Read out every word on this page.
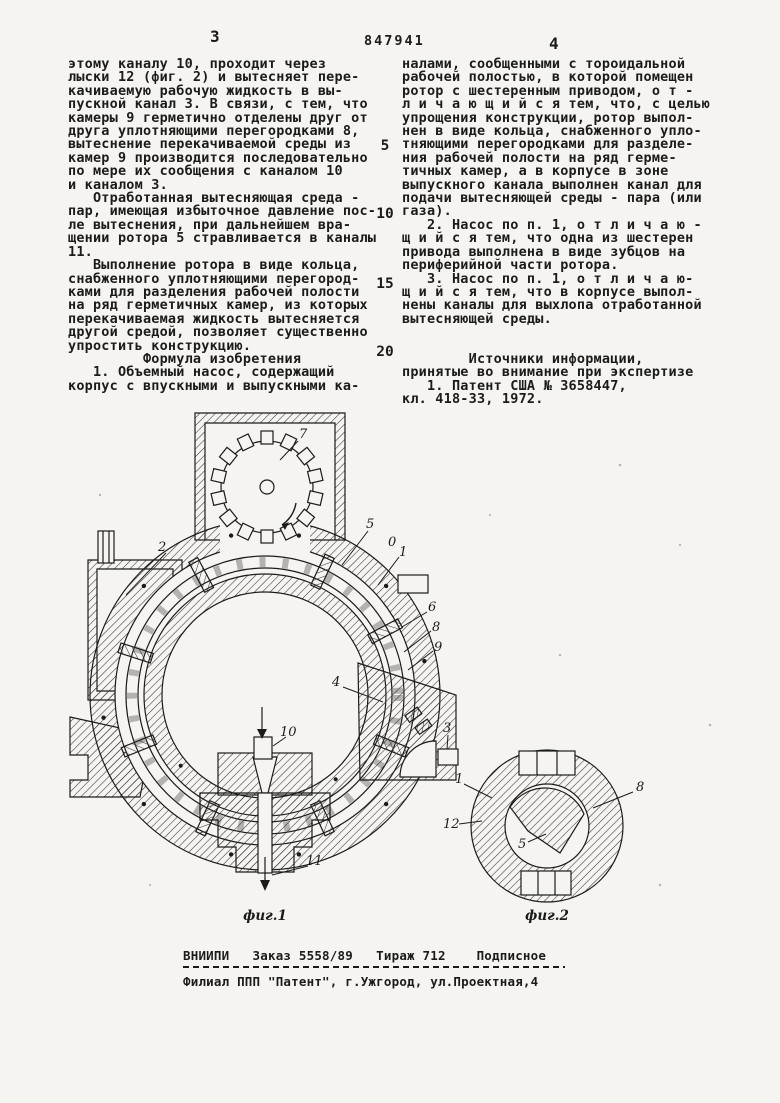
3	847941	4
5
10
15
20
этому каналу 10, проходит через
лыски 12 (фиг. 2) и вытесняет пере-
качиваемую рабочую жидкость в вы-
пускной канал 3. В связи, с тем, что
камеры 9 герметично отделены друг от
друга уплотняющими перегородками 8,
вытеснение перекачиваемой среды из
камер 9 производится последовательно
по мере их сообщения с каналом 10
и каналом 3.
Отработанная вытесняющая среда -
пар, имеющая избыточное давление пос-
ле вытеснения, при дальнейшем вра-
щении ротора 5 стравливается в каналы
11.
Выполнение ротора в виде кольца,
снабженного уплотняющими перегород-
ками для разделения рабочей полости
на ряд герметичных камер, из которых
перекачиваемая жидкость вытесняется
другой средой, позволяет существенно
упростить конструкцию.
Формула изобретения
1. Объемный насос, содержащий
корпус с впускными и выпускными ка-
налами, сообщенными с тороидальной
рабочей полостью, в которой помещен
ротор с шестеренным приводом, о т -
л и ч а ю щ и й с я тем, что, с целью
упрощения конструкции, ротор выпол-
нен в виде кольца, снабженного упло-
тняющими перегородками для разделе-
ния рабочей полости на ряд герме-
тичных камер, а в корпусе в зоне
выпускного канала выполнен канал для
подачи вытесняющей среды - пара (или
газа).
2. Насос по п. 1, о т л и ч а ю -
щ и й с я тем, что одна из шестерен
привода выполнена в виде зубцов на
периферийной части ротора.
3. Насос по п. 1, о т л и ч а ю-
щ и й с я тем, что в корпусе выпол-
нены каналы для выхлопа отработанной
вытесняющей среды.
Источники информации,
принятые во внимание при экспертизе
1. Патент США № 3658447,
кл. 418-33, 1972.
7
2
5
0
1
6
8
9
4
10	3
11
фиг.1
1
12
5
8
фиг.2
ВНИИПИ   Заказ 5558/89   Тираж 712    Подписное
Филиал ППП "Патент", г.Ужгород, ул.Проектная,4
